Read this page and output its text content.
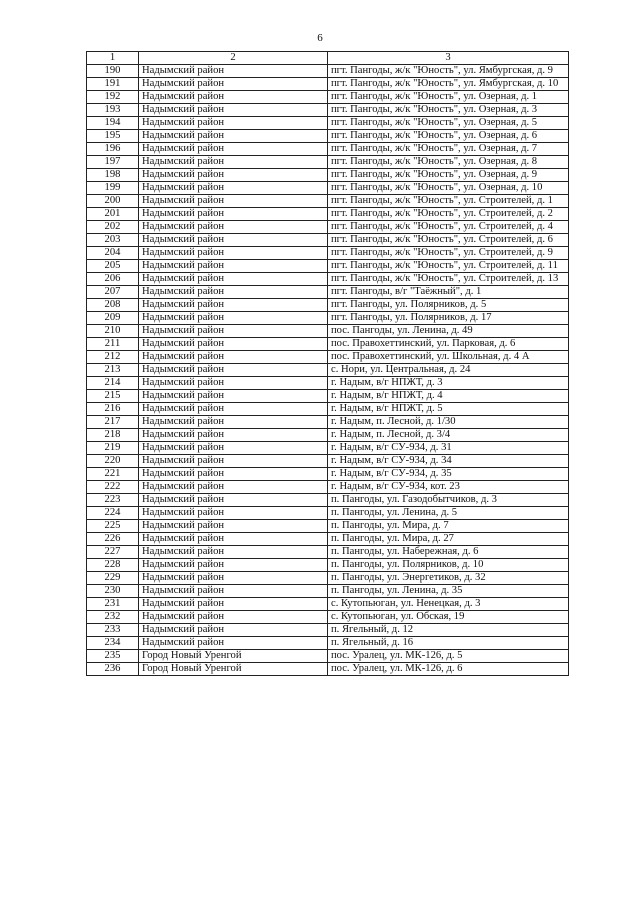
6
1	2	3
190	Надымский район	пгт. Пангоды, ж/к "Юность", ул. Ямбургская, д. 9
191	Надымский район	пгт. Пангоды, ж/к "Юность", ул. Ямбургская, д. 10
192	Надымский район	пгт. Пангоды, ж/к "Юность", ул. Озерная, д. 1
193	Надымский район	пгт. Пангоды, ж/к "Юность", ул. Озерная, д. 3
194	Надымский район	пгт. Пангоды, ж/к "Юность", ул. Озерная, д. 5
195	Надымский район	пгт. Пангоды, ж/к "Юность", ул. Озерная, д. 6
196	Надымский район	пгт. Пангоды, ж/к "Юность", ул. Озерная, д. 7
197	Надымский район	пгт. Пангоды, ж/к "Юность", ул. Озерная, д. 8
198	Надымский район	пгт. Пангоды, ж/к "Юность", ул. Озерная, д. 9
199	Надымский район	пгт. Пангоды, ж/к "Юность", ул. Озерная, д. 10
200	Надымский район	пгт. Пангоды, ж/к "Юность", ул. Строителей, д. 1
201	Надымский район	пгт. Пангоды, ж/к "Юность", ул. Строителей, д. 2
202	Надымский район	пгт. Пангоды, ж/к "Юность", ул. Строителей, д. 4
203	Надымский район	пгт. Пангоды, ж/к "Юность", ул. Строителей, д. 6
204	Надымский район	пгт. Пангоды, ж/к "Юность", ул. Строителей, д. 9
205	Надымский район	пгт. Пангоды, ж/к "Юность", ул. Строителей, д. 11
206	Надымский район	пгт. Пангоды, ж/к "Юность", ул. Строителей, д. 13
207	Надымский район	пгт. Пангоды, в/г "Таёжный", д. 1
208	Надымский район	пгт. Пангоды, ул. Полярников, д. 5
209	Надымский район	пгт. Пангоды, ул. Полярников, д. 17
210	Надымский район	пос. Пангоды, ул. Ленина, д. 49
211	Надымский район	пос. Правохеттинский, ул. Парковая, д. 6
212	Надымский район	пос. Правохеттинский, ул. Школьная, д. 4 А
213	Надымский район	с. Нори, ул. Центральная, д. 24
214	Надымский район	г. Надым, в/г НПЖТ, д. 3
215	Надымский район	г. Надым, в/г НПЖТ, д. 4
216	Надымский район	г. Надым, в/г НПЖТ, д. 5
217	Надымский район	г. Надым, п. Лесной, д. 1/30
218	Надымский район	г. Надым, п. Лесной, д. 3/4
219	Надымский район	г. Надым, в/г СУ-934, д. 31
220	Надымский район	г. Надым, в/г СУ-934, д. 34
221	Надымский район	г. Надым, в/г СУ-934, д. 35
222	Надымский район	г. Надым, в/г СУ-934, кот. 23
223	Надымский район	п. Пангоды, ул. Газодобытчиков, д. 3
224	Надымский район	п. Пангоды, ул. Ленина, д. 5
225	Надымский район	п. Пангоды, ул. Мира, д. 7
226	Надымский район	п. Пангоды, ул. Мира, д. 27
227	Надымский район	п. Пангоды, ул. Набережная, д. 6
228	Надымский район	п. Пангоды, ул. Полярников, д. 10
229	Надымский район	п. Пангоды, ул. Энергетиков, д. 32
230	Надымский район	п. Пангоды, ул. Ленина, д. 35
231	Надымский район	с. Кутопьюган, ул. Ненецкая, д. 3
232	Надымский район	с. Кутопьюган, ул. Обская, 19
233	Надымский район	п. Ягельный, д. 12
234	Надымский район	п. Ягельный, д. 16
235	Город Новый Уренгой	пос. Уралец, ул. МК-126, д. 5
236	Город Новый Уренгой	пос. Уралец, ул. МК-126, д. 6
